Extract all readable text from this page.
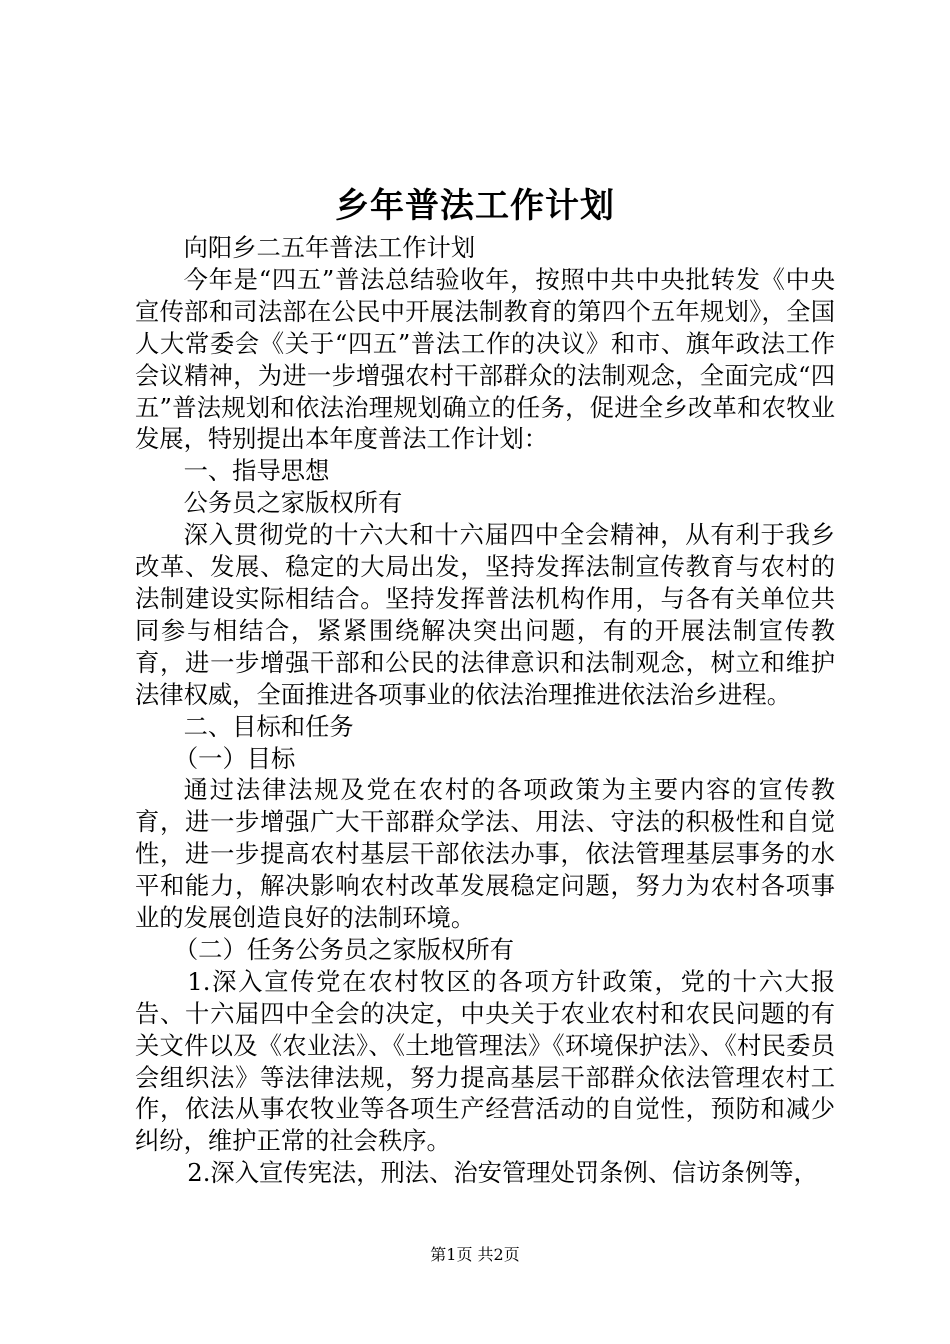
乡年普法工作计划

向阳乡二五年普法工作计划

今年是“四五”普法总结验收年，按照中共中央批转发《中央宣传部和司法部在公民中开展法制教育的第四个五年规划》，全国人大常委会《关于“四五”普法工作的决议》和市、旗年政法工作会议精神，为进一步增强农村干部群众的法制观念，全面完成“四五”普法规划和依法治理规划确立的任务，促进全乡改革和农牧业发展，特别提出本年度普法工作计划：

一、指导思想

公务员之家版权所有

深入贯彻党的十六大和十六届四中全会精神，从有利于我乡改革、发展、稳定的大局出发，坚持发挥法制宣传教育与农村的法制建设实际相结合。坚持发挥普法机构作用，与各有关单位共同参与相结合，紧紧围绕解决突出问题，有的开展法制宣传教育，进一步增强干部和公民的法律意识和法制观念，树立和维护法律权威，全面推进各项事业的依法治理推进依法治乡进程。

二、目标和任务

（一）目标

通过法律法规及党在农村的各项政策为主要内容的宣传教育，进一步增强广大干部群众学法、用法、守法的积极性和自觉性，进一步提高农村基层干部依法办事，依法管理基层事务的水平和能力，解决影响农村改革发展稳定问题，努力为农村各项事业的发展创造良好的法制环境。

（二）任务公务员之家版权所有

1.深入宣传党在农村牧区的各项方针政策，党的十六大报告、十六届四中全会的决定，中央关于农业农村和农民问题的有关文件以及《农业法》、《土地管理法》《环境保护法》、《村民委员会组织法》等法律法规，努力提高基层干部群众依法管理农村工作，依法从事农牧业等各项生产经营活动的自觉性，预防和减少纠纷，维护正常的社会秩序。

2.深入宣传宪法，刑法、治安管理处罚条例、信访条例等，

第1页 共2页
